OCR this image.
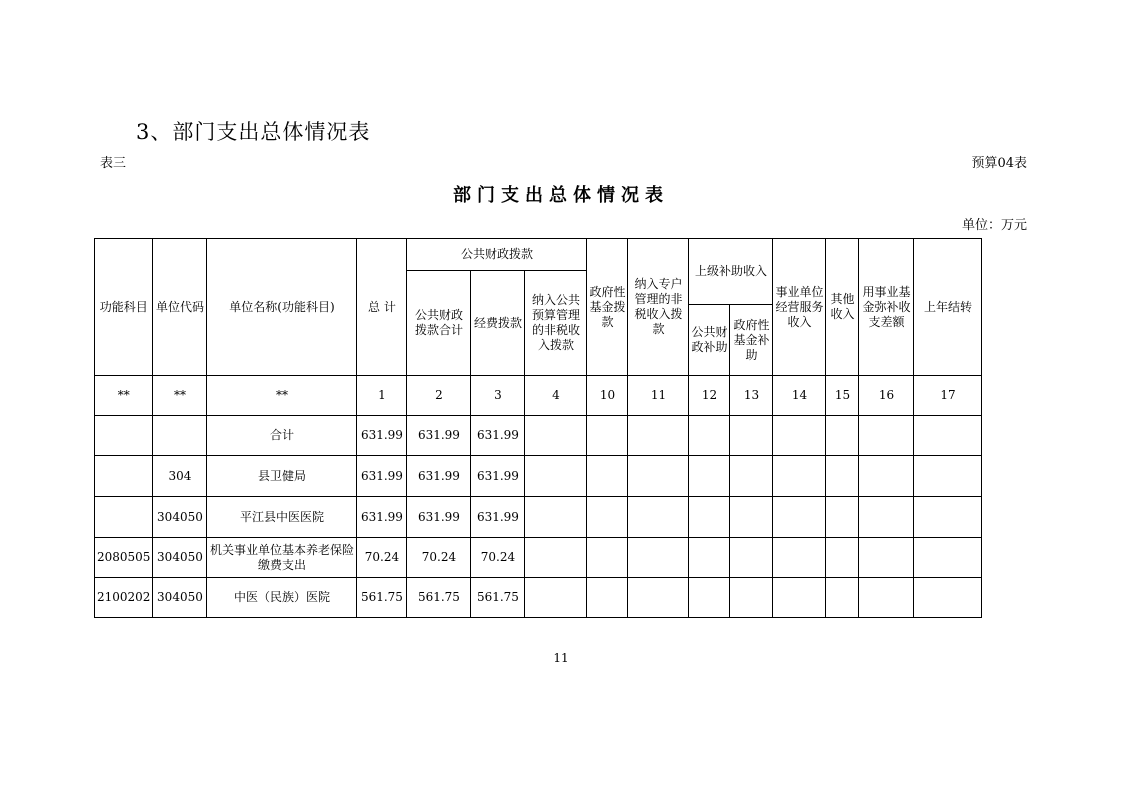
3、部门支出总体情况表
表三	预算04表
部门支出总体情况表
单位：万元
功能科目	单位代码	单位名称(功能科目)	总 计	公共财政拨款			政府性基金拨款	纳入专户管理的非税收入拨款	上级补助收入		事业单位经营服务收入	其他收入	用事业基金弥补收支差额	上年结转
				公共财政拨款合计	经费拨款	纳入公共预算管理的非税收入拨款								
									公共财政补助	政府性基金补助				
**	**	**	1	2	3	4	10	11	12	13	14	15	16	17
		合计	631.99	631.99	631.99									
	304	县卫健局	631.99	631.99	631.99									
	304050	平江县中医医院	631.99	631.99	631.99									
2080505	304050	机关事业单位基本养老保险缴费支出	70.24	70.24	70.24									
2100202	304050	中医（民族）医院	561.75	561.75	561.75									
11
